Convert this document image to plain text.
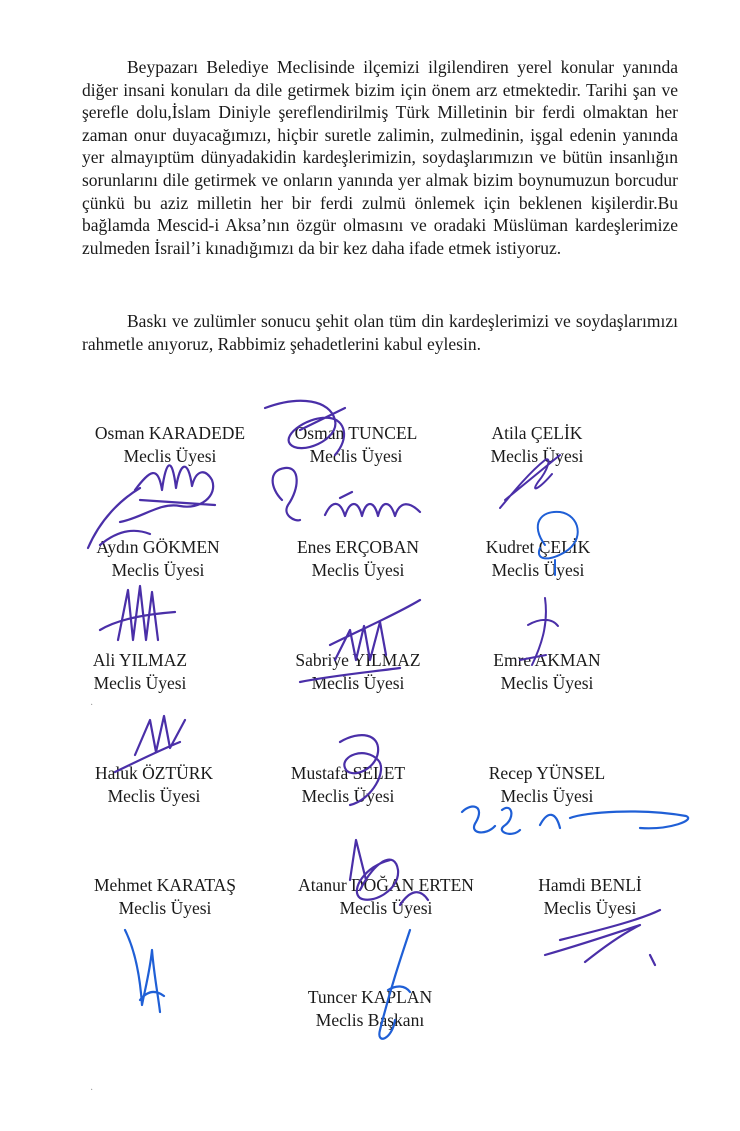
Beypazarı Belediye Meclisinde ilçemizi ilgilendiren yerel konular yanında diğer insani konuları da dile getirmek bizim için önem arz etmektedir. Tarihi şan ve şerefle dolu,İslam Diniyle şereflendirilmiş Türk Milletinin bir ferdi olmaktan her zaman onur duyacağımızı, hiçbir suretle zalimin, zulmedinin, işgal edenin yanında yer almayıptüm dünyadakidin kardeşlerimizin, soydaşlarımızın ve bütün insanlığın sorunlarını dile getirmek ve onların yanında yer almak bizim boynumuzun borcudur çünkü bu aziz milletin her bir ferdi zulmü önlemek için beklenen kişilerdir.Bu bağlamda Mescid-i Aksa’nın özgür olmasını ve oradaki Müslüman kardeşlerimize zulmeden İsrail’i kınadığımızı da bir kez daha ifade etmek istiyoruz.

Baskı ve zulümler sonucu şehit olan tüm din kardeşlerimizi ve soydaşlarımızı rahmetle anıyoruz, Rabbimiz şehadetlerini kabul eylesin.

Osman KARADEDE
Meclis Üyesi
Osman TUNCEL
Meclis Üyesi
Atila ÇELİK
Meclis Üyesi
Aydın GÖKMEN
Meclis Üyesi
Enes ERÇOBAN
Meclis Üyesi
Kudret ÇELİK
Meclis Üyesi
Ali YILMAZ
Meclis Üyesi
Sabriye YILMAZ
Meclis Üyesi
Emre AKMAN
Meclis Üyesi
Haluk ÖZTÜRK
Meclis Üyesi
Mustafa SELET
Meclis Üyesi
Recep YÜNSEL
Meclis Üyesi
Mehmet KARATAŞ
Meclis Üyesi
Atanur DOĞAN ERTEN
Meclis Üyesi
Hamdi BENLİ
Meclis Üyesi
Tuncer KAPLAN
Meclis Başkanı
·
·
